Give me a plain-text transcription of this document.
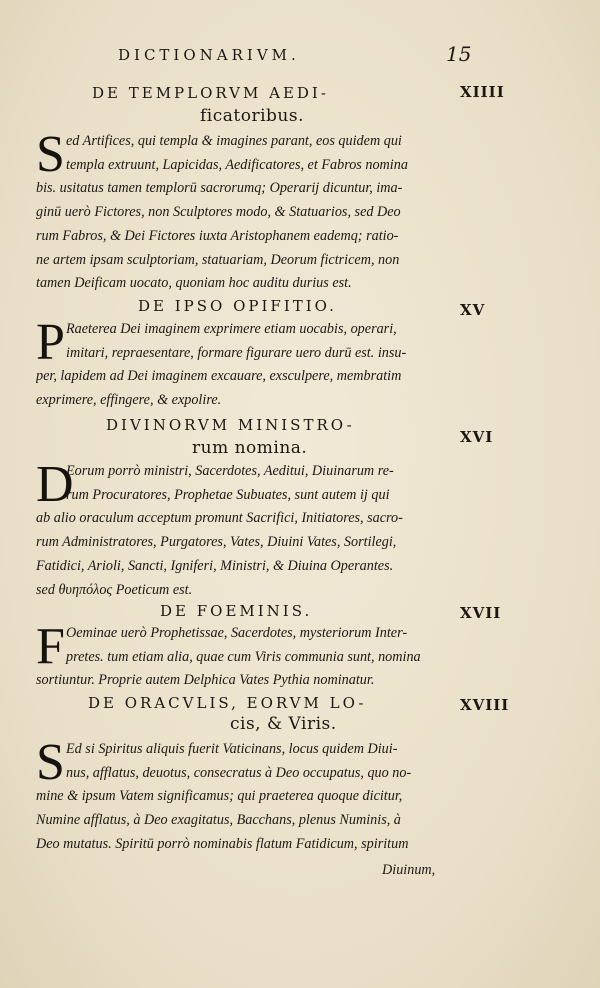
DICTIONARIVM.	15
DE TEMPLORVM AEDI-	XIIII
ficatoribus.
S ed Artifices, qui templa & imagines parant, eos quidem qui
templa extruunt, Lapicidas, Aedificatores, et Fabros nomina
bis. usitatus tamen templorū sacrorumq; Operarij dicuntur, ima-
ginū uerò Fictores, non Sculptores modo, & Statuarios, sed Deo
rum Fabros, & Dei Fictores iuxta Aristophanem eademq; ratio-
ne artem ipsam sculptoriam, statuariam, Deorum fictricem, non
tamen Deificam uocato, quoniam hoc auditu durius est.
DE IPSO OPIFITIO.	XV
P Raeterea Dei imaginem exprimere etiam uocabis, operari,
imitari, repraesentare, formare figurare uero durū est. insu-
per, lapidem ad Dei imaginem excauare, exsculpere, membratim
exprimere, effingere, & expolire.
DIVINORVM MINISTRO-
XVI
rum nomina.
D
Eorum porrò ministri, Sacerdotes, Aeditui, Diuinarum re-
rum Procuratores, Prophetae Subuates, sunt autem ij qui
ab alio oraculum acceptum promunt Sacrifici, Initiatores, sacro-
rum Administratores, Purgatores, Vates, Diuini Vates, Sortilegi,
Fatidici, Arioli, Sancti, Igniferi, Ministri, & Diuina Operantes.
sed θυηπόλος Poeticum est.
DE FOEMINIS.	XVII
F Oeminae uerò Prophetissae, Sacerdotes, mysteriorum Inter-
pretes. tum etiam alia, quae cum Viris communia sunt, nomina
sortiuntur. Proprie autem Delphica Vates Pythia nominatur.
DE ORACVLIS, EORVM LO-	XVIII
cis, & Viris.
S Ed si Spiritus aliquis fuerit Vaticinans, locus quidem Diui-
nus, afflatus, deuotus, consecratus à Deo occupatus, quo no-
mine & ipsum Vatem significamus; qui praeterea quoque dicitur,
Numine afflatus, à Deo exagitatus, Bacchans, plenus Numinis, à
Deo mutatus. Spiritū porrò nominabis flatum Fatidicum, spiritum
Diuinum,
